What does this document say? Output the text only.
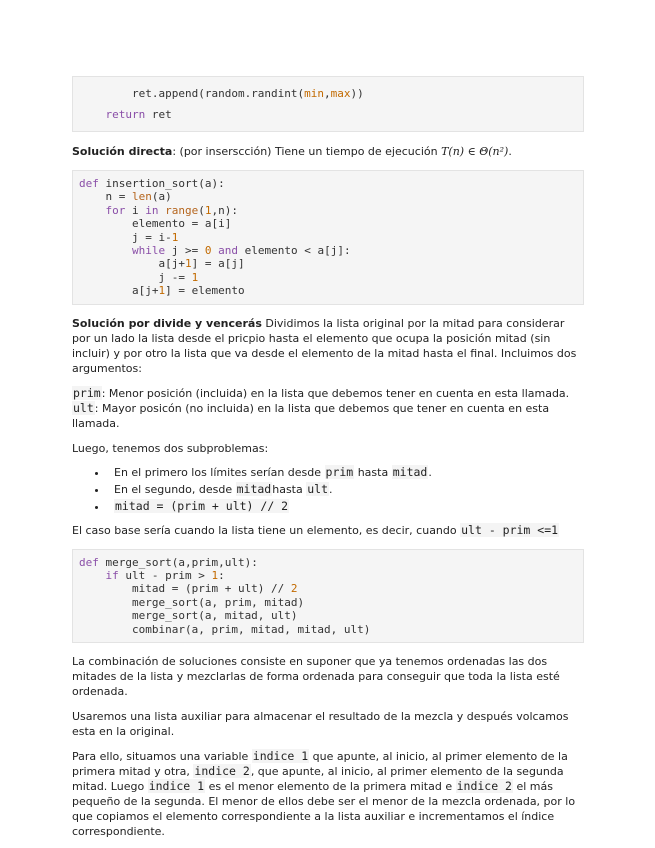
ret.append(random.randint(min,max))
return ret

Solución directa: (por inserscción) Tiene un tiempo de ejecución T(n) ∈ Θ(n²).

def insertion_sort(a):
n = len(a)
for i in range(1,n):
elemento = a[i]
j = i-1
while j >= 0 and elemento < a[j]:
a[j+1] = a[j]
j -= 1
a[j+1] = elemento

Solución por divide y vencerás Dividimos la lista original por la mitad para considerar por un lado la lista desde el pricpio hasta el elemento que ocupa la posición mitad (sin incluir) y por otro la lista que va desde el elemento de la mitad hasta el final. Incluimos dos argumentos:

prim: Menor posición (incluida) en la lista que debemos tener en cuenta en esta llamada. ult: Mayor posicón (no incluida) en la lista que debemos que tener en cuenta en esta llamada.

Luego, tenemos dos subproblemas:

• En el primero los límites serían desde prim hasta mitad.
• En el segundo, desde mitadhasta ult.
• mitad = (prim + ult) // 2

El caso base sería cuando la lista tiene un elemento, es decir, cuando ult - prim <=1

def merge_sort(a,prim,ult):
if ult - prim > 1:
mitad = (prim + ult) // 2
merge_sort(a, prim, mitad)
merge_sort(a, mitad, ult)
combinar(a, prim, mitad, mitad, ult)

La combinación de soluciones consiste en suponer que ya tenemos ordenadas las dos mitades de la lista y mezclarlas de forma ordenada para conseguir que toda la lista esté ordenada.

Usaremos una lista auxiliar para almacenar el resultado de la mezcla y después volcamos esta en la original.

Para ello, situamos una variable indice 1 que apunte, al inicio, al primer elemento de la primera mitad y otra, indice 2, que apunte, al inicio, al primer elemento de la segunda mitad. Luego indice 1 es el menor elemento de la primera mitad e indice 2 el más pequeño de la segunda. El menor de ellos debe ser el menor de la mezcla ordenada, por lo que copiamos el elemento correspondiente a la lista auxiliar e incrementamos el índice correspondiente.
